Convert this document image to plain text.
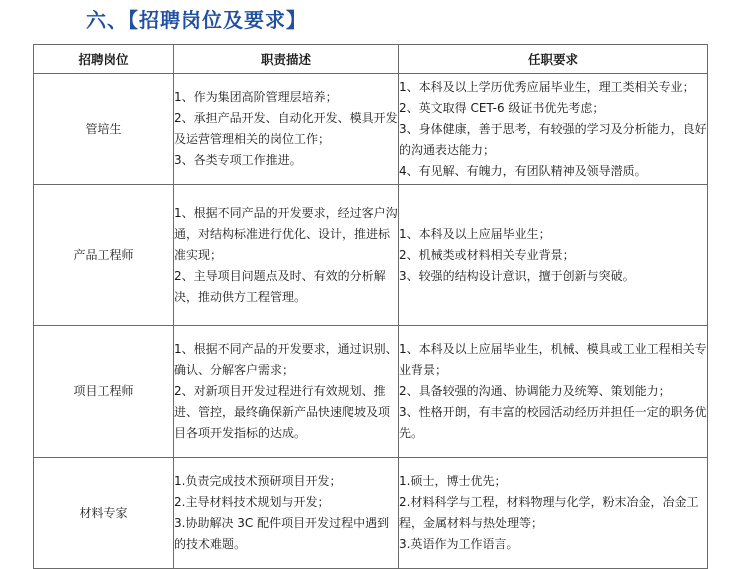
六、【招聘岗位及要求】
招聘岗位	职责描述	任职要求
管培生	1、作为集团高阶管理层培养；
2、承担产品开发、自动化开发、模具开发及运营管理相关的岗位工作；
3、各类专项工作推进。	1、本科及以上学历优秀应届毕业生，理工类相关专业；
2、英文取得 CET-6 级证书优先考虑；
3、身体健康，善于思考，有较强的学习及分析能力，良好的沟通表达能力；
4、有见解、有魄力，有团队精神及领导潜质。

产品工程师	1、根据不同产品的开发要求，经过客户沟通，对结构标准进行优化、设计，推进标准实现；
2、主导项目问题点及时、有效的分析解决，推动供方工程管理。	1、本科及以上应届毕业生；
2、机械类或材料相关专业背景；
3、较强的结构设计意识，擅于创新与突破。

项目工程师	1、根据不同产品的开发要求，通过识别、确认、分解客户需求；
2、对新项目开发过程进行有效规划、推进、管控，最终确保新产品快速爬坡及项目各项开发指标的达成。	1、本科及以上应届毕业生，机械、模具或工业工程相关专业背景；
2、具备较强的沟通、协调能力及统筹、策划能力；
3、性格开朗，有丰富的校园活动经历并担任一定的职务优先。

材料专家	1.负责完成技术预研项目开发；
2.主导材料技术规划与开发；
3.协助解决 3C 配件项目开发过程中遇到的技术难题。	1.硕士，博士优先；
2.材料科学与工程，材料物理与化学，粉末冶金，冶金工程，金属材料与热处理等；
3.英语作为工作语言。
